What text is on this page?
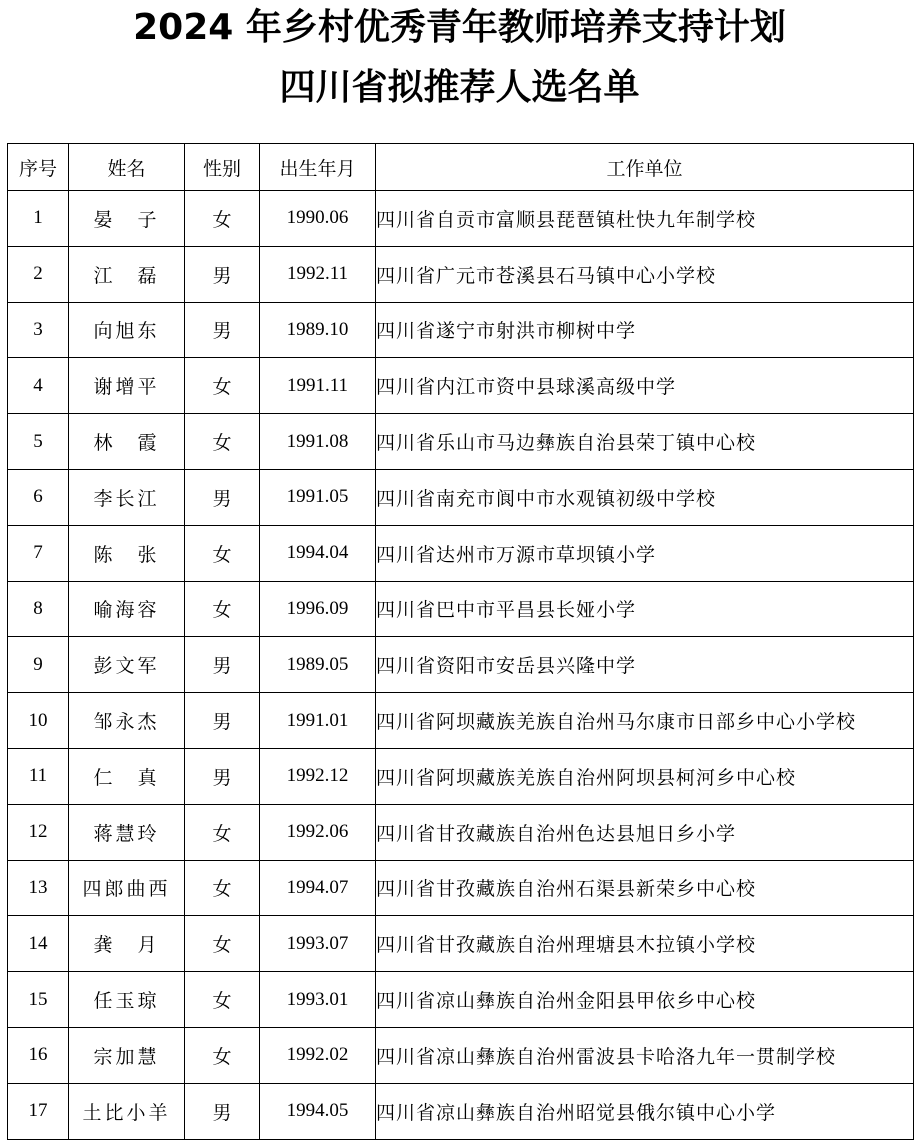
2024 年乡村优秀青年教师培养支持计划
四川省拟推荐人选名单
序号	姓名	性别	出生年月	工作单位
1	晏　子	女	1990.06	四川省自贡市富顺县琵琶镇杜快九年制学校
2	江　磊	男	1992.11	四川省广元市苍溪县石马镇中心小学校
3	向旭东	男	1989.10	四川省遂宁市射洪市柳树中学
4	谢增平	女	1991.11	四川省内江市资中县球溪高级中学
5	林　霞	女	1991.08	四川省乐山市马边彝族自治县荣丁镇中心校
6	李长江	男	1991.05	四川省南充市阆中市水观镇初级中学校
7	陈　张	女	1994.04	四川省达州市万源市草坝镇小学
8	喻海容	女	1996.09	四川省巴中市平昌县长娅小学
9	彭文军	男	1989.05	四川省资阳市安岳县兴隆中学
10	邹永杰	男	1991.01	四川省阿坝藏族羌族自治州马尔康市日部乡中心小学校
11	仁　真	男	1992.12	四川省阿坝藏族羌族自治州阿坝县柯河乡中心校
12	蒋慧玲	女	1992.06	四川省甘孜藏族自治州色达县旭日乡小学
13	四郎曲西	女	1994.07	四川省甘孜藏族自治州石渠县新荣乡中心校
14	龚　月	女	1993.07	四川省甘孜藏族自治州理塘县木拉镇小学校
15	任玉琼	女	1993.01	四川省凉山彝族自治州金阳县甲依乡中心校
16	宗加慧	女	1992.02	四川省凉山彝族自治州雷波县卡哈洛九年一贯制学校
17	土比小羊	男	1994.05	四川省凉山彝族自治州昭觉县俄尔镇中心小学
